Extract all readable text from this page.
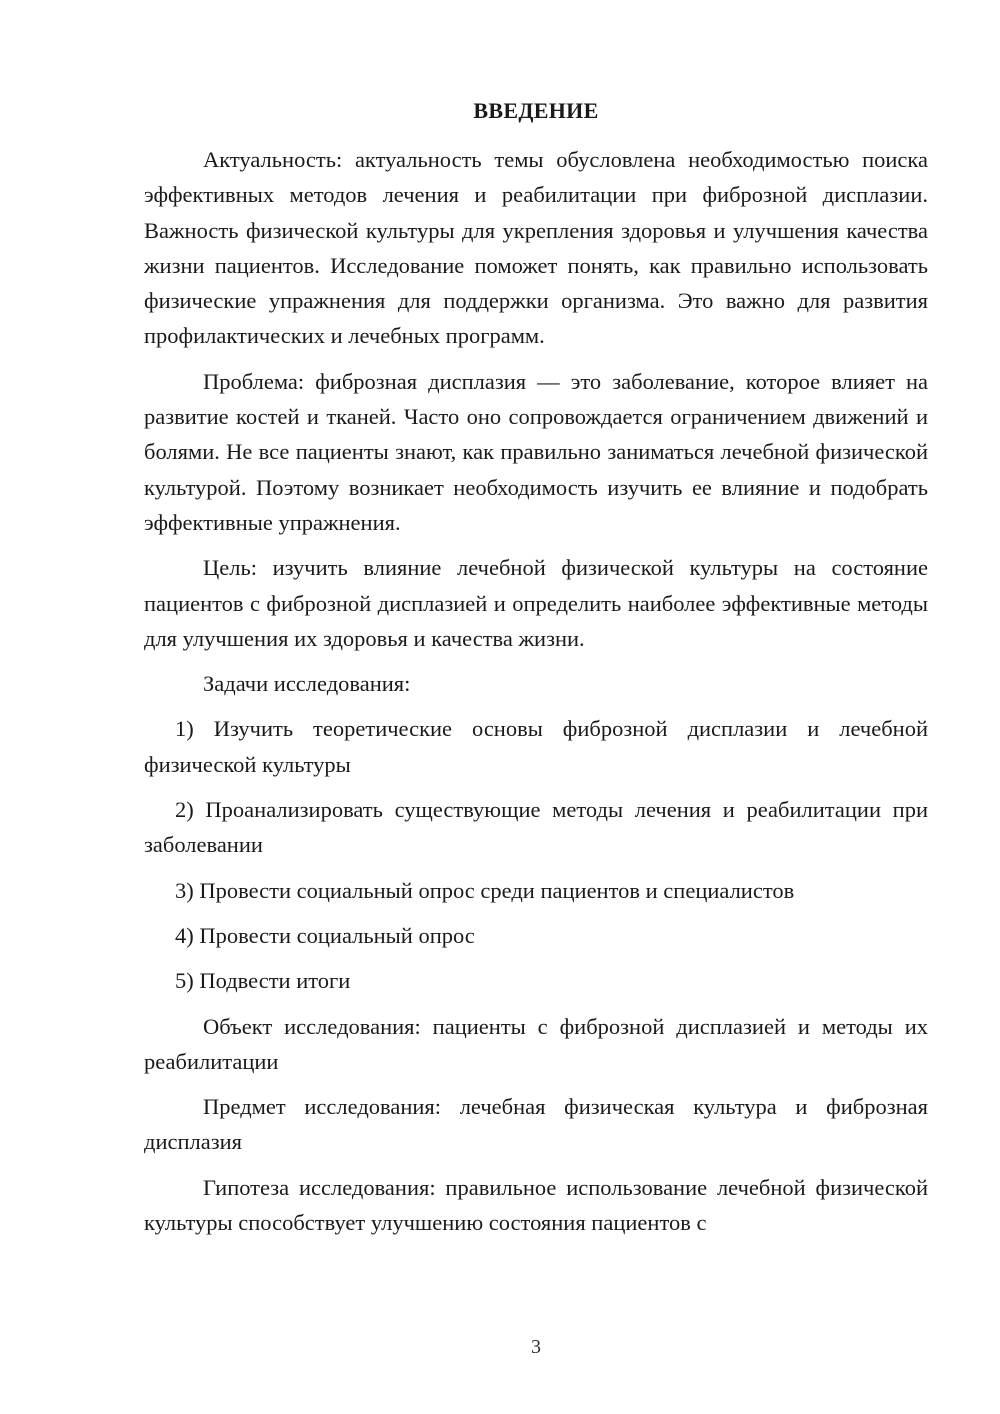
ВВЕДЕНИЕ

Актуальность: актуальность темы обусловлена необходимостью поиска эффективных методов лечения и реабилитации при фиброзной дисплазии. Важность физической культуры для укрепления здоровья и улучшения качества жизни пациентов. Исследование поможет понять, как правильно использовать физические упражнения для поддержки организма. Это важно для развития профилактических и лечебных программ.

Проблема: фиброзная дисплазия — это заболевание, которое влияет на развитие костей и тканей. Часто оно сопровождается ограничением движений и болями. Не все пациенты знают, как правильно заниматься лечебной физической культурой. Поэтому возникает необходимость изучить ее влияние и подобрать эффективные упражнения.

Цель: изучить влияние лечебной физической культуры на состояние пациентов с фиброзной дисплазией и определить наиболее эффективные методы для улучшения их здоровья и качества жизни.

Задачи исследования:

1) Изучить теоретические основы фиброзной дисплазии и лечебной физической культуры

2) Проанализировать существующие методы лечения и реабилитации при заболевании

3) Провести социальный опрос среди пациентов и специалистов

4) Провести социальный опрос

5) Подвести итоги

Объект исследования: пациенты с фиброзной дисплазией и методы их реабилитации

Предмет исследования: лечебная физическая культура и фиброзная дисплазия

Гипотеза исследования: правильное использование лечебной физической культуры способствует улучшению состояния пациентов с

3
